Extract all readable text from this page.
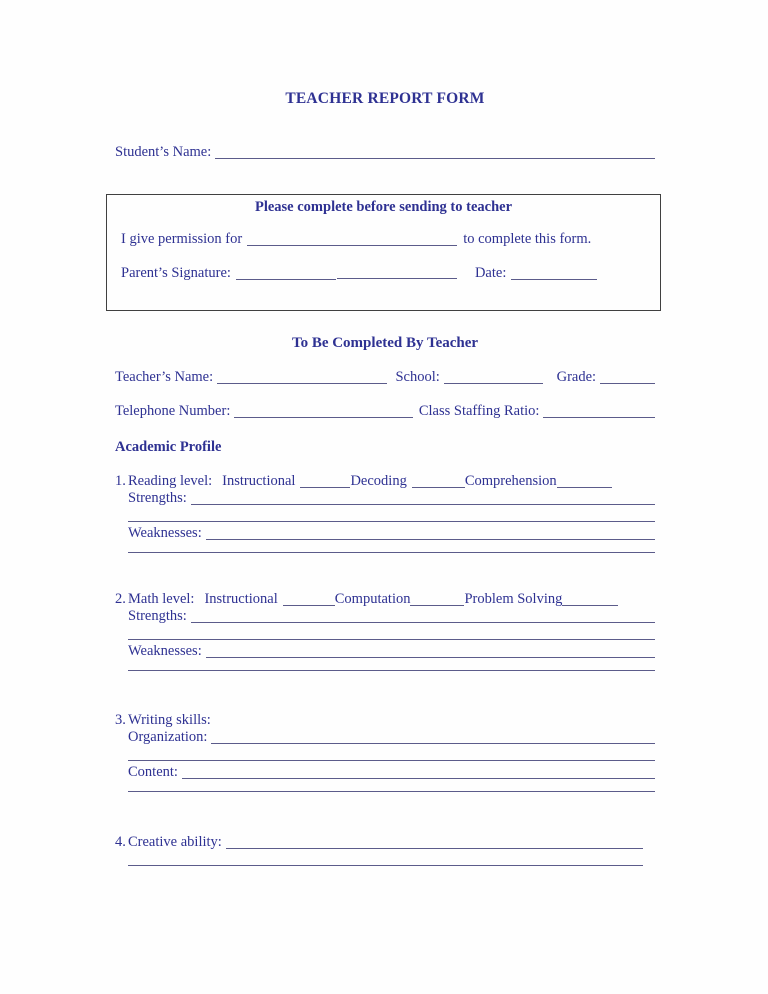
TEACHER REPORT FORM
Student’s Name:
Please complete before sending to teacher
I give permission for	to complete this form.
Parent’s Signature:	Date:
To Be Completed By Teacher
Teacher’s Name:	School:	Grade:
Telephone Number:	Class Staffing Ratio:
Academic Profile
1. Reading level: Instructional	Decoding	Comprehension
Strengths:
Weaknesses:
2. Math level: Instructional	Computation	Problem Solving
Strengths:
Weaknesses:
3. Writing skills:
Organization:
Content:
4. Creative ability:
